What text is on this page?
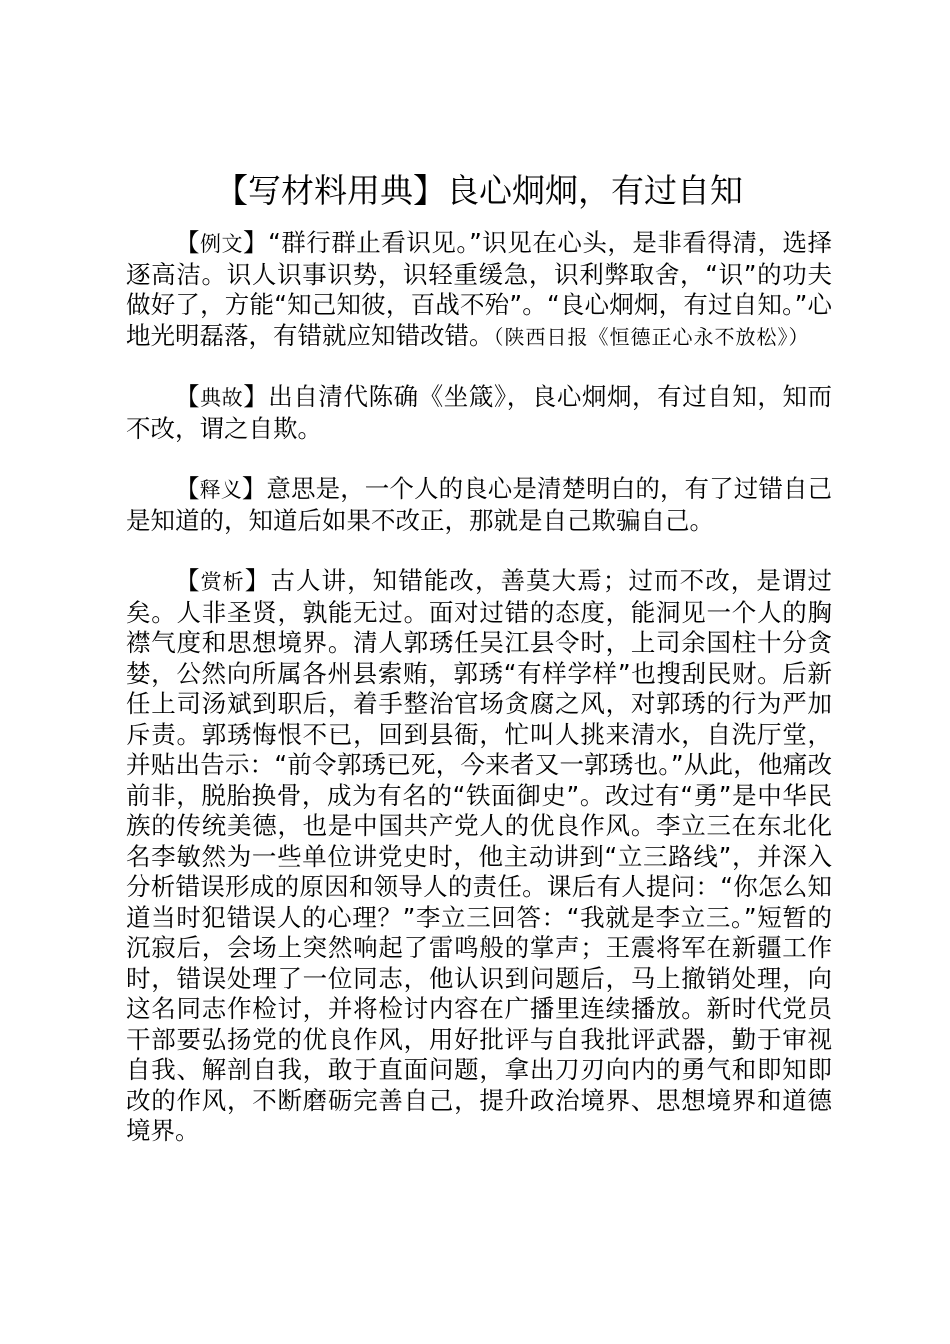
【写材料用典】良心炯炯，有过自知

【例文】“群行群止看识见。”识见在心头，是非看得清，选择逐高洁。识人识事识势，识轻重缓急，识利弊取舍，“识”的功夫做好了，方能“知己知彼，百战不殆”。“良心炯炯，有过自知。”心地光明磊落，有错就应知错改错。（陕西日报《恒德正心永不放松》）

【典故】出自清代陈确《坐箴》，良心炯炯，有过自知，知而不改，谓之自欺。

【释义】意思是，一个人的良心是清楚明白的，有了过错自己是知道的，知道后如果不改正，那就是自己欺骗自己。

【赏析】古人讲，知错能改，善莫大焉；过而不改，是谓过矣。人非圣贤，孰能无过。面对过错的态度，能洞见一个人的胸襟气度和思想境界。清人郭琇任吴江县令时，上司余国柱十分贪婪，公然向所属各州县索贿，郭琇“有样学样”也搜刮民财。后新任上司汤斌到职后，着手整治官场贪腐之风，对郭琇的行为严加斥责。郭琇悔恨不已，回到县衙，忙叫人挑来清水，自洗厅堂，并贴出告示：“前令郭琇已死，今来者又一郭琇也。”从此，他痛改前非，脱胎换骨，成为有名的“铁面御史”。改过有“勇”是中华民族的传统美德，也是中国共产党人的优良作风。李立三在东北化名李敏然为一些单位讲党史时，他主动讲到“立三路线”，并深入分析错误形成的原因和领导人的责任。课后有人提问：“你怎么知道当时犯错误人的心理？”李立三回答：“我就是李立三。”短暂的沉寂后，会场上突然响起了雷鸣般的掌声；王震将军在新疆工作时，错误处理了一位同志，他认识到问题后，马上撤销处理，向这名同志作检讨，并将检讨内容在广播里连续播放。新时代党员干部要弘扬党的优良作风，用好批评与自我批评武器，勤于审视自我、解剖自我，敢于直面问题，拿出刀刃向内的勇气和即知即改的作风，不断磨砺完善自己，提升政治境界、思想境界和道德境界。
